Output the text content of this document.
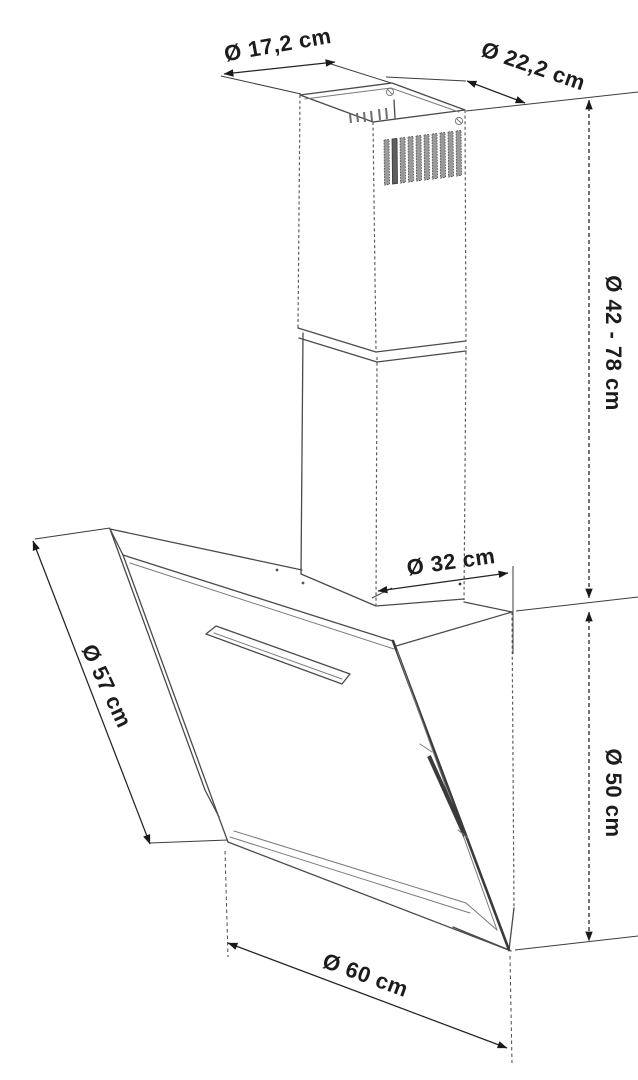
Ø 17,2 cm	Ø 22,2 cm
Ø 42 - 78 cm
Ø 32 cm
Ø 57 cm
Ø 50 cm
Ø 60 cm
